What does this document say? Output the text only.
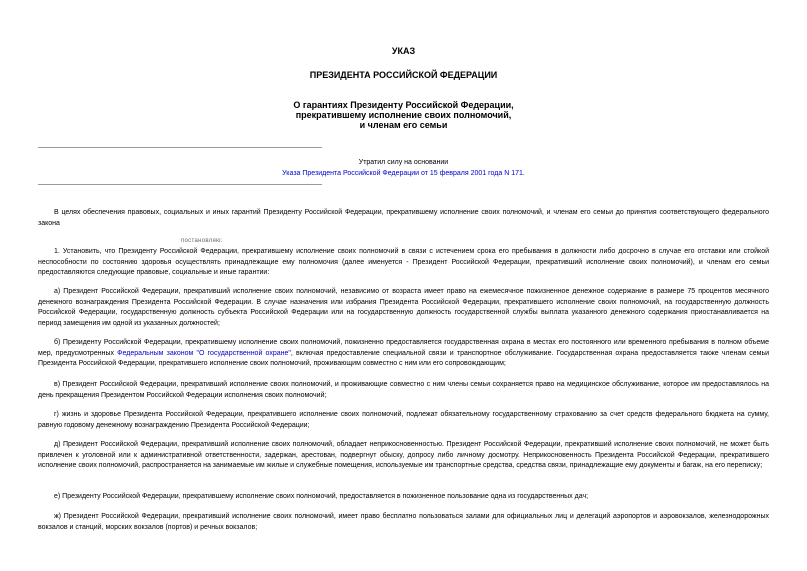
УКАЗ
ПРЕЗИДЕНТА РОССИЙСКОЙ ФЕДЕРАЦИИ
О гарантиях Президенту Российской Федерации,
прекратившему исполнение своих полномочий,
и членам его семьи
Утратил силу на основании
Указа Президента Российской Федерации от 15 февраля 2001 года N 171.

В целях обеспечения правовых, социальных и иных гарантий Президенту Российской Федерации, прекратившему исполнение своих полномочий, и членам его семьи до принятия соответствующего федерального закона

постановляю:

1. Установить, что Президенту Российской Федерации, прекратившему исполнение своих полномочий в связи с истечением срока его пребывания в должности либо досрочно в случае его отставки или стойкой неспособности по состоянию здоровья осуществлять принадлежащие ему полномочия (далее именуется - Президент Российской Федерации, прекративший исполнение своих полномочий), и членам его семьи предоставляются следующие правовые, социальные и иные гарантии:

а) Президент Российской Федерации, прекративший исполнение своих полномочий, независимо от возраста имеет право на ежемесячное пожизненное денежное содержание в размере 75 процентов месячного денежного вознаграждения Президента Российской Федерации. В случае назначения или избрания Президента Российской Федерации, прекратившего исполнение своих полномочий, на государственную должность Российской Федерации, государственную должность субъекта Российской Федерации или на государственную должность государственной службы выплата указанного денежного содержания приостанавливается на период замещения им одной из указанных должностей;

б) Президенту Российской Федерации, прекратившему исполнение своих полномочий, пожизненно предоставляется государственная охрана в местах его постоянного или временного пребывания в полном объеме мер, предусмотренных Федеральным законом "О государственной охране", включая предоставление специальной связи и транспортное обслуживание. Государственная охрана предоставляется также членам семьи Президента Российской Федерации, прекратившего исполнение своих полномочий, проживающим совместно с ним или его сопровождающим;

в) Президент Российской Федерации, прекративший исполнение своих полномочий, и проживающие совместно с ним члены семьи сохраняется право на медицинское обслуживание, которое им предоставлялось на день прекращения Президентом Российской Федерации исполнения своих полномочий;

г) жизнь и здоровье Президента Российской Федерации, прекратившего исполнение своих полномочий, подлежат обязательному государственному страхованию за счет средств федерального бюджета на сумму, равную годовому денежному вознаграждению Президента Российской Федерации;

д) Президент Российской Федерации, прекративший исполнение своих полномочий, обладает неприкосновенностью. Президент Российской Федерации, прекративший исполнение своих полномочий, не может быть привлечен к уголовной или к административной ответственности, задержан, арестован, подвергнут обыску, допросу либо личному досмотру. Неприкосновенность Президента Российской Федерации, прекратившего исполнение своих полномочий, распространяется на занимаемые им жилые и служебные помещения, используемые им транспортные средства, средства связи, принадлежащие ему документы и багаж, на его переписку;

е) Президенту Российской Федерации, прекратившему исполнение своих полномочий, предоставляется в пожизненное пользование одна из государственных дач;

ж) Президент Российской Федерации, прекративший исполнение своих полномочий, имеет право бесплатно пользоваться залами для официальных лиц и делегаций аэропортов и аэровокзалов, железнодорожных вокзалов и станций, морских вокзалов (портов) и речных вокзалов;
